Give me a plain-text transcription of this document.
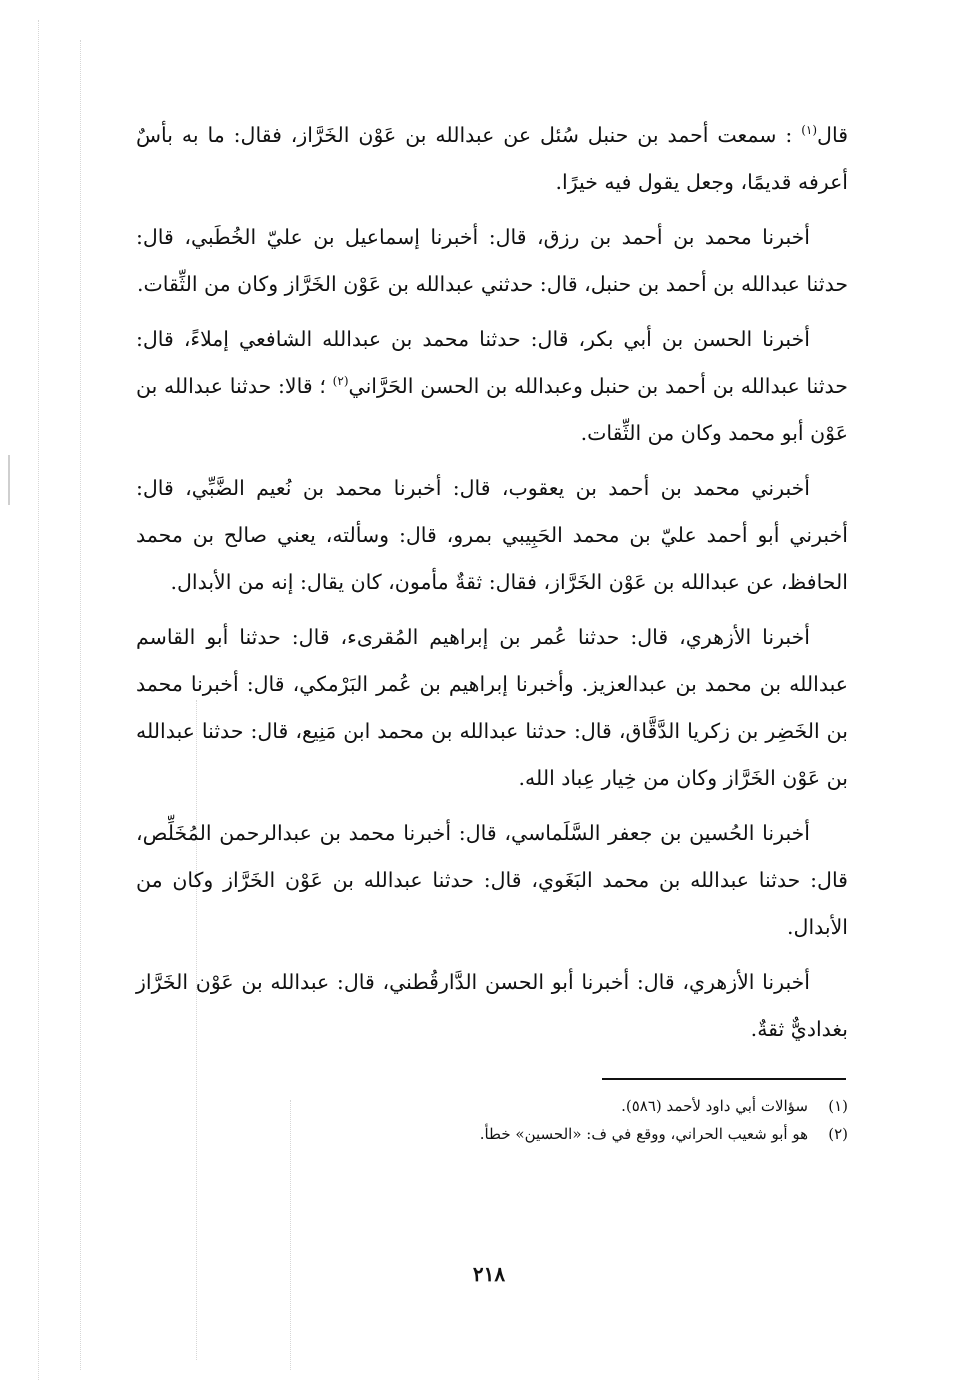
قال$^{(١)}$ : سمعت أحمد بن حنبل سُئل عن عبدالله بن عَوْن الخَرَّاز، فقال: ما به بأسٌ أعرفه قديمًا، وجعل يقول فيه خيرًا.

أخبرنا محمد بن أحمد بن رزق، قال: أخبرنا إسماعيل بن عليّ الخُطَبي، قال: حدثنا عبدالله بن أحمد بن حنبل، قال: حدثني عبدالله بن عَوْن الخَرَّاز وكان من الثِّقات.

أخبرنا الحسن بن أبي بكر، قال: حدثنا محمد بن عبدالله الشافعي إملاءً، قال: حدثنا عبدالله بن أحمد بن حنبل وعبدالله بن الحسن الحَرَّاني$^{(٢)}$ ؛ قالا: حدثنا عبدالله بن عَوْن أبو محمد وكان من الثِّقات.

أخبرني محمد بن أحمد بن يعقوب، قال: أخبرنا محمد بن نُعيم الضَّبِّي، قال: أخبرني أبو أحمد عليّ بن محمد الحَبِيبي بمرو، قال: وسألته، يعني صالح بن محمد الحافظ، عن عبدالله بن عَوْن الخَرَّاز، فقال: ثقةٌ مأمون، كان يقال: إنه من الأبدال.

أخبرنا الأزهري، قال: حدثنا عُمر بن إبراهيم المُقرىء، قال: حدثنا أبو القاسم عبدالله بن محمد بن عبدالعزيز. وأخبرنا إبراهيم بن عُمر البَرْمكي، قال: أخبرنا محمد بن الخَضِر بن زكريا الدَّقَّاق، قال: حدثنا عبدالله بن محمد ابن مَنِيع، قال: حدثنا عبدالله بن عَوْن الخَرَّاز وكان من خِيار عِباد الله.

أخبرنا الحُسين بن جعفر السَّلَماسي، قال: أخبرنا محمد بن عبدالرحمن المُخَلِّص، قال: حدثنا عبدالله بن محمد البَغَوي، قال: حدثنا عبدالله بن عَوْن الخَرَّاز وكان من الأبدال.

أخبرنا الأزهري، قال: أخبرنا أبو الحسن الدَّارقُطني، قال: عبدالله بن عَوْن الخَرَّاز بغداديٌّ ثقةٌ.

(١)سؤالات أبي داود لأحمد (٥٨٦).
(٢)هو أبو شعيب الحراني، ووقع في ف: «الحسين» خطأ.
٢١٨
